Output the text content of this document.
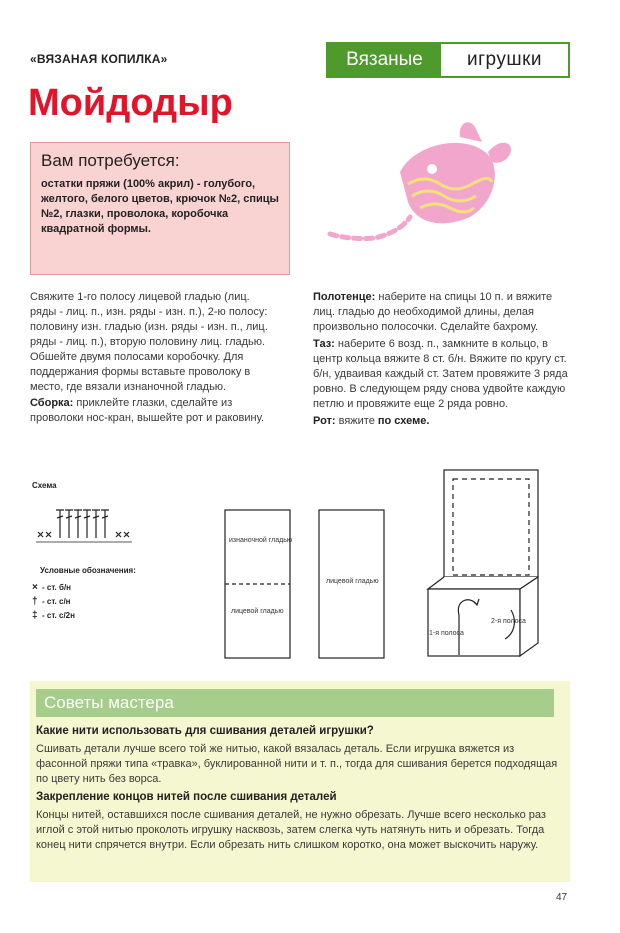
«ВЯЗАНАЯ КОПИЛКА»	Вязаные	игрушки
Мойдодыр
Вам потребуется:
остатки пряжи (100% акрил) - голубого, желтого, белого цветов, крючок №2, спицы №2, глазки, проволока, коробочка квадратной формы.
Свяжите 1-го полосу лицевой гладью (лиц. ряды - лиц. п., изн. ряды - изн. п.), 2-ю полосу: половину изн. гладью (изн. ряды - изн. п., лиц. ряды - лиц. п.), вторую половину лиц. гладью. Обшейте двумя полосами коробочку. Для поддержания формы вставьте проволоку в место, где вязали изнаночной гладью.
Сборка: приклейте глазки, сделайте из проволоки нос-кран, вышейте рот и раковину.
Полотенце: наберите на спицы 10 п. и вяжите лиц. гладью до необходимой длины, делая произвольно полосочки. Сделайте бахрому.
Таз: наберите 6 возд. п., замкните в кольцо, в центр кольца вяжите 8 ст. б/н. Вяжите по кругу ст. б/н, удваивая каждый ст. Затем провяжите 3 ряда ровно. В следующем ряду снова удвойте каждую петлю и провяжите еще 2 ряда ровно.
Рот: вяжите по схеме.
Схема
Условные обозначения:
× - ст. б/н
† - ст. с/н
‡ - ст. с/2н
изнаночной гладью
лицевой гладью
лицевой гладью
1-я полоса
2-я полоса
Советы мастера
Какие нити использовать для сшивания деталей игрушки?
Сшивать детали лучше всего той же нитью, какой вязалась деталь. Если игрушка вяжется из фасонной пряжи типа «травка», буклированной нити и т. п., тогда для сшивания берется подходящая по цвету нить без ворса.
Закрепление концов нитей после сшивания деталей
Концы нитей, оставшихся после сшивания деталей, не нужно обрезать. Лучше всего несколько раз иглой с этой нитью проколоть игрушку насквозь, затем слегка чуть натянуть нить и обрезать. Тогда конец нити спрячется внутри. Если обрезать нить слишком коротко, она может выскочить наружу.
47
